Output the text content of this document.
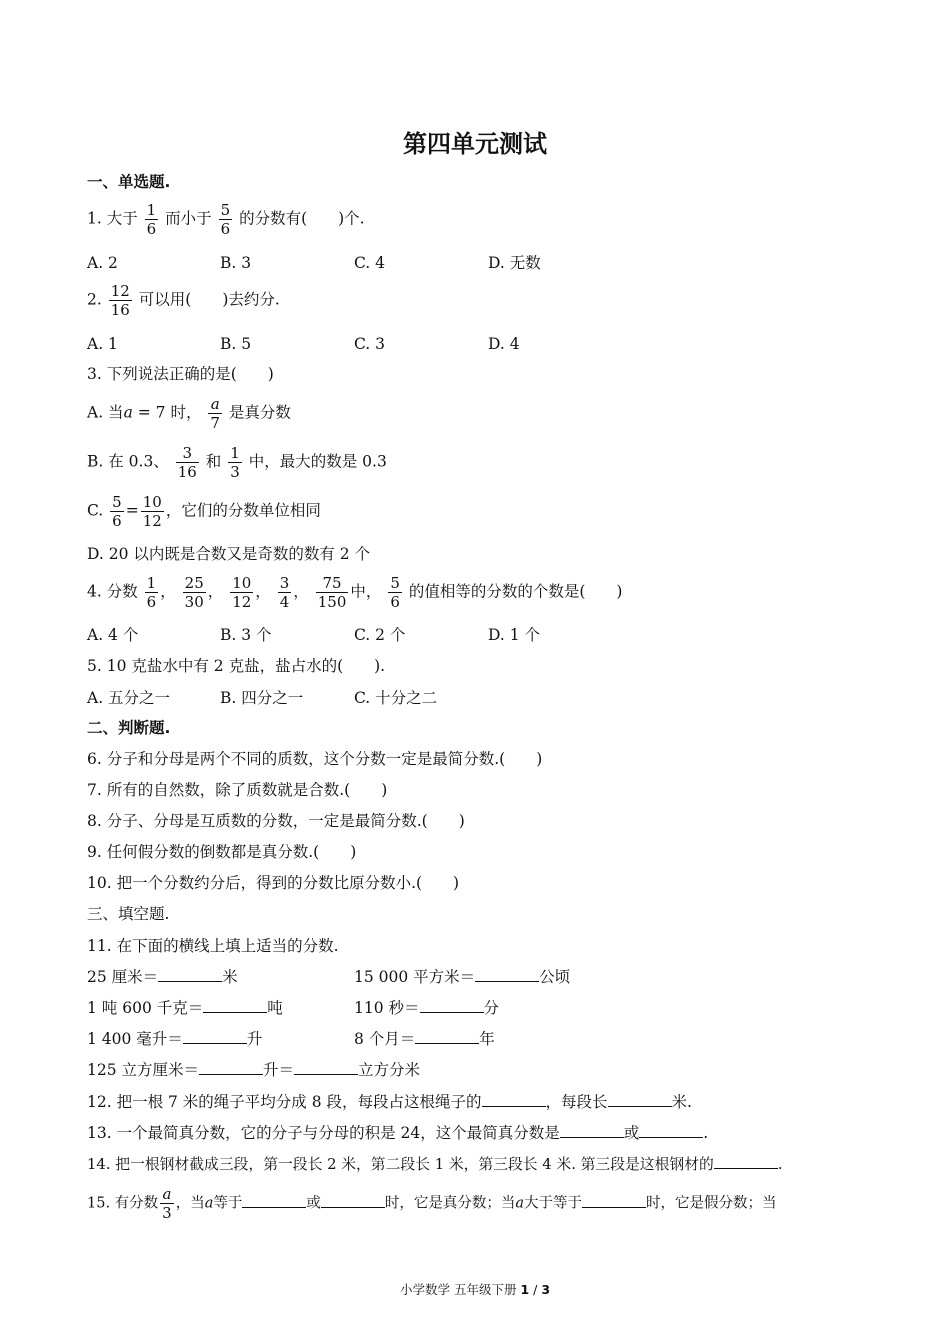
第四单元测试
一、单选题.
1. 大于 $\frac{1}{6}$ 而小于 $\frac{5}{6}$ 的分数有(　　)个.
A. 2	B. 3	C. 4	D. 无数
2. $\frac{12}{16}$ 可以用(　　)去约分.
A. 1	B. 5	C. 3	D. 4
3. 下列说法正确的是(　　)
A. 当a = 7 时， $\frac{a}{7}$ 是真分数
B. 在 0.3、 $\frac{3}{16}$ 和 $\frac{1}{3}$ 中，最大的数是 0.3
C. $\frac{5}{6} = \frac{10}{12}$ ，它们的分数单位相同
D. 20 以内既是合数又是奇数的数有 2 个
4. 分数 $\frac{1}{6}$ ， $\frac{25}{30}$ ， $\frac{10}{12}$ ， $\frac{3}{4}$ ， $\frac{75}{150}$ 中， $\frac{5}{6}$ 的值相等的分数的个数是(　　)
A. 4 个	B. 3 个	C. 2 个	D. 1 个
5. 10 克盐水中有 2 克盐，盐占水的(　　).
A. 五分之一	B. 四分之一	C. 十分之二
二、判断题.
6. 分子和分母是两个不同的质数，这个分数一定是最简分数.(　　)
7. 所有的自然数，除了质数就是合数.(　　)
8. 分子、分母是互质数的分数，一定是最简分数.(　　)
9. 任何假分数的倒数都是真分数.(　　)
10. 把一个分数约分后，得到的分数比原分数小.(　　)
三、填空题.
11. 在下面的横线上填上适当的分数.
25 厘米＝	米	15 000 平方米＝	公顷
1 吨 600 千克＝	吨	110 秒＝	分
1 400 毫升＝	升	8 个月＝	年
125 立方厘米＝	升＝	立方分米
12. 把一根 7 米的绳子平均分成 8 段，每段占这根绳子的	，每段长	米.
13. 一个最简真分数，它的分子与分母的积是 24，这个最简真分数是	或	.
14. 把一根钢材截成三段，第一段长 2 米，第二段长 1 米，第三段长 4 米. 第三段是这根钢材的	.
15. 有分数 $\frac{a}{3}$ ，当a等于	或	时，它是真分数；当a大于等于	时，它是假分数；当
小学数学 五年级下册 1 / 3
